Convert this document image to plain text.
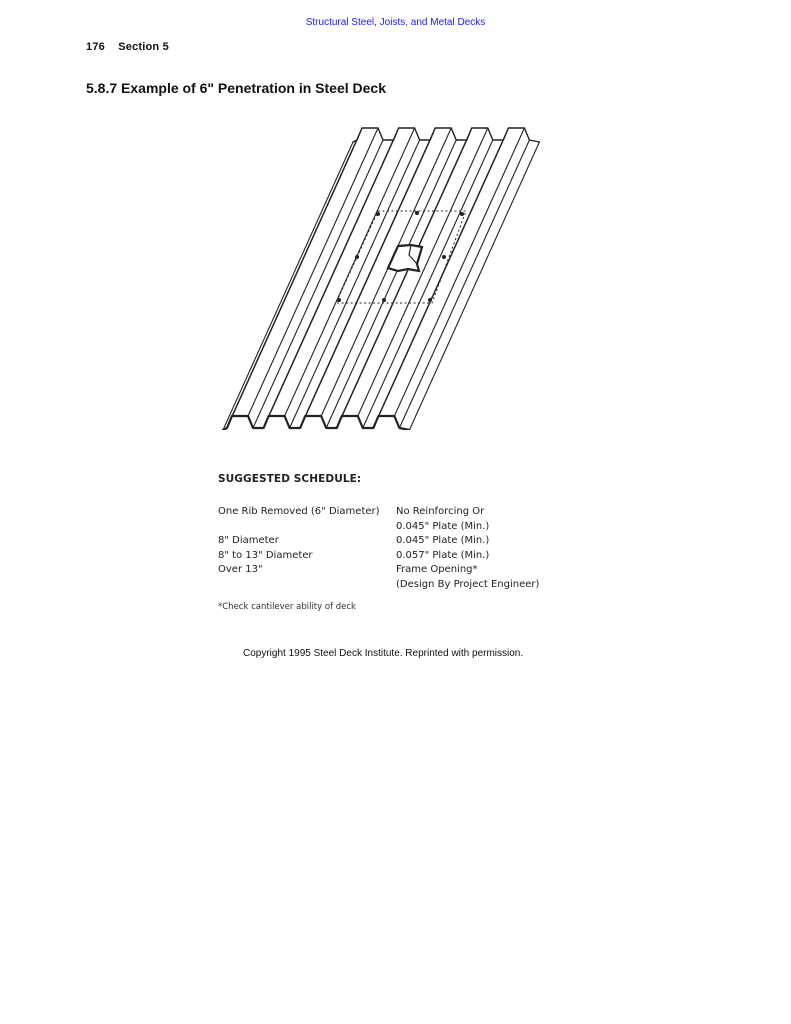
Structural Steel, Joists, and Metal Decks
176 Section 5
5.8.7 Example of 6" Penetration in Steel Deck
SUGGESTED SCHEDULE:
One Rib Removed (6" Diameter)	No Reinforcing Or
0.045" Plate (Min.)
8" Diameter	0.045" Plate (Min.)
8" to 13" Diameter	0.057" Plate (Min.)
Over 13"	Frame Opening*
(Design By Project Engineer)
*Check cantilever ability of deck
Copyright 1995 Steel Deck Institute. Reprinted with permission.
